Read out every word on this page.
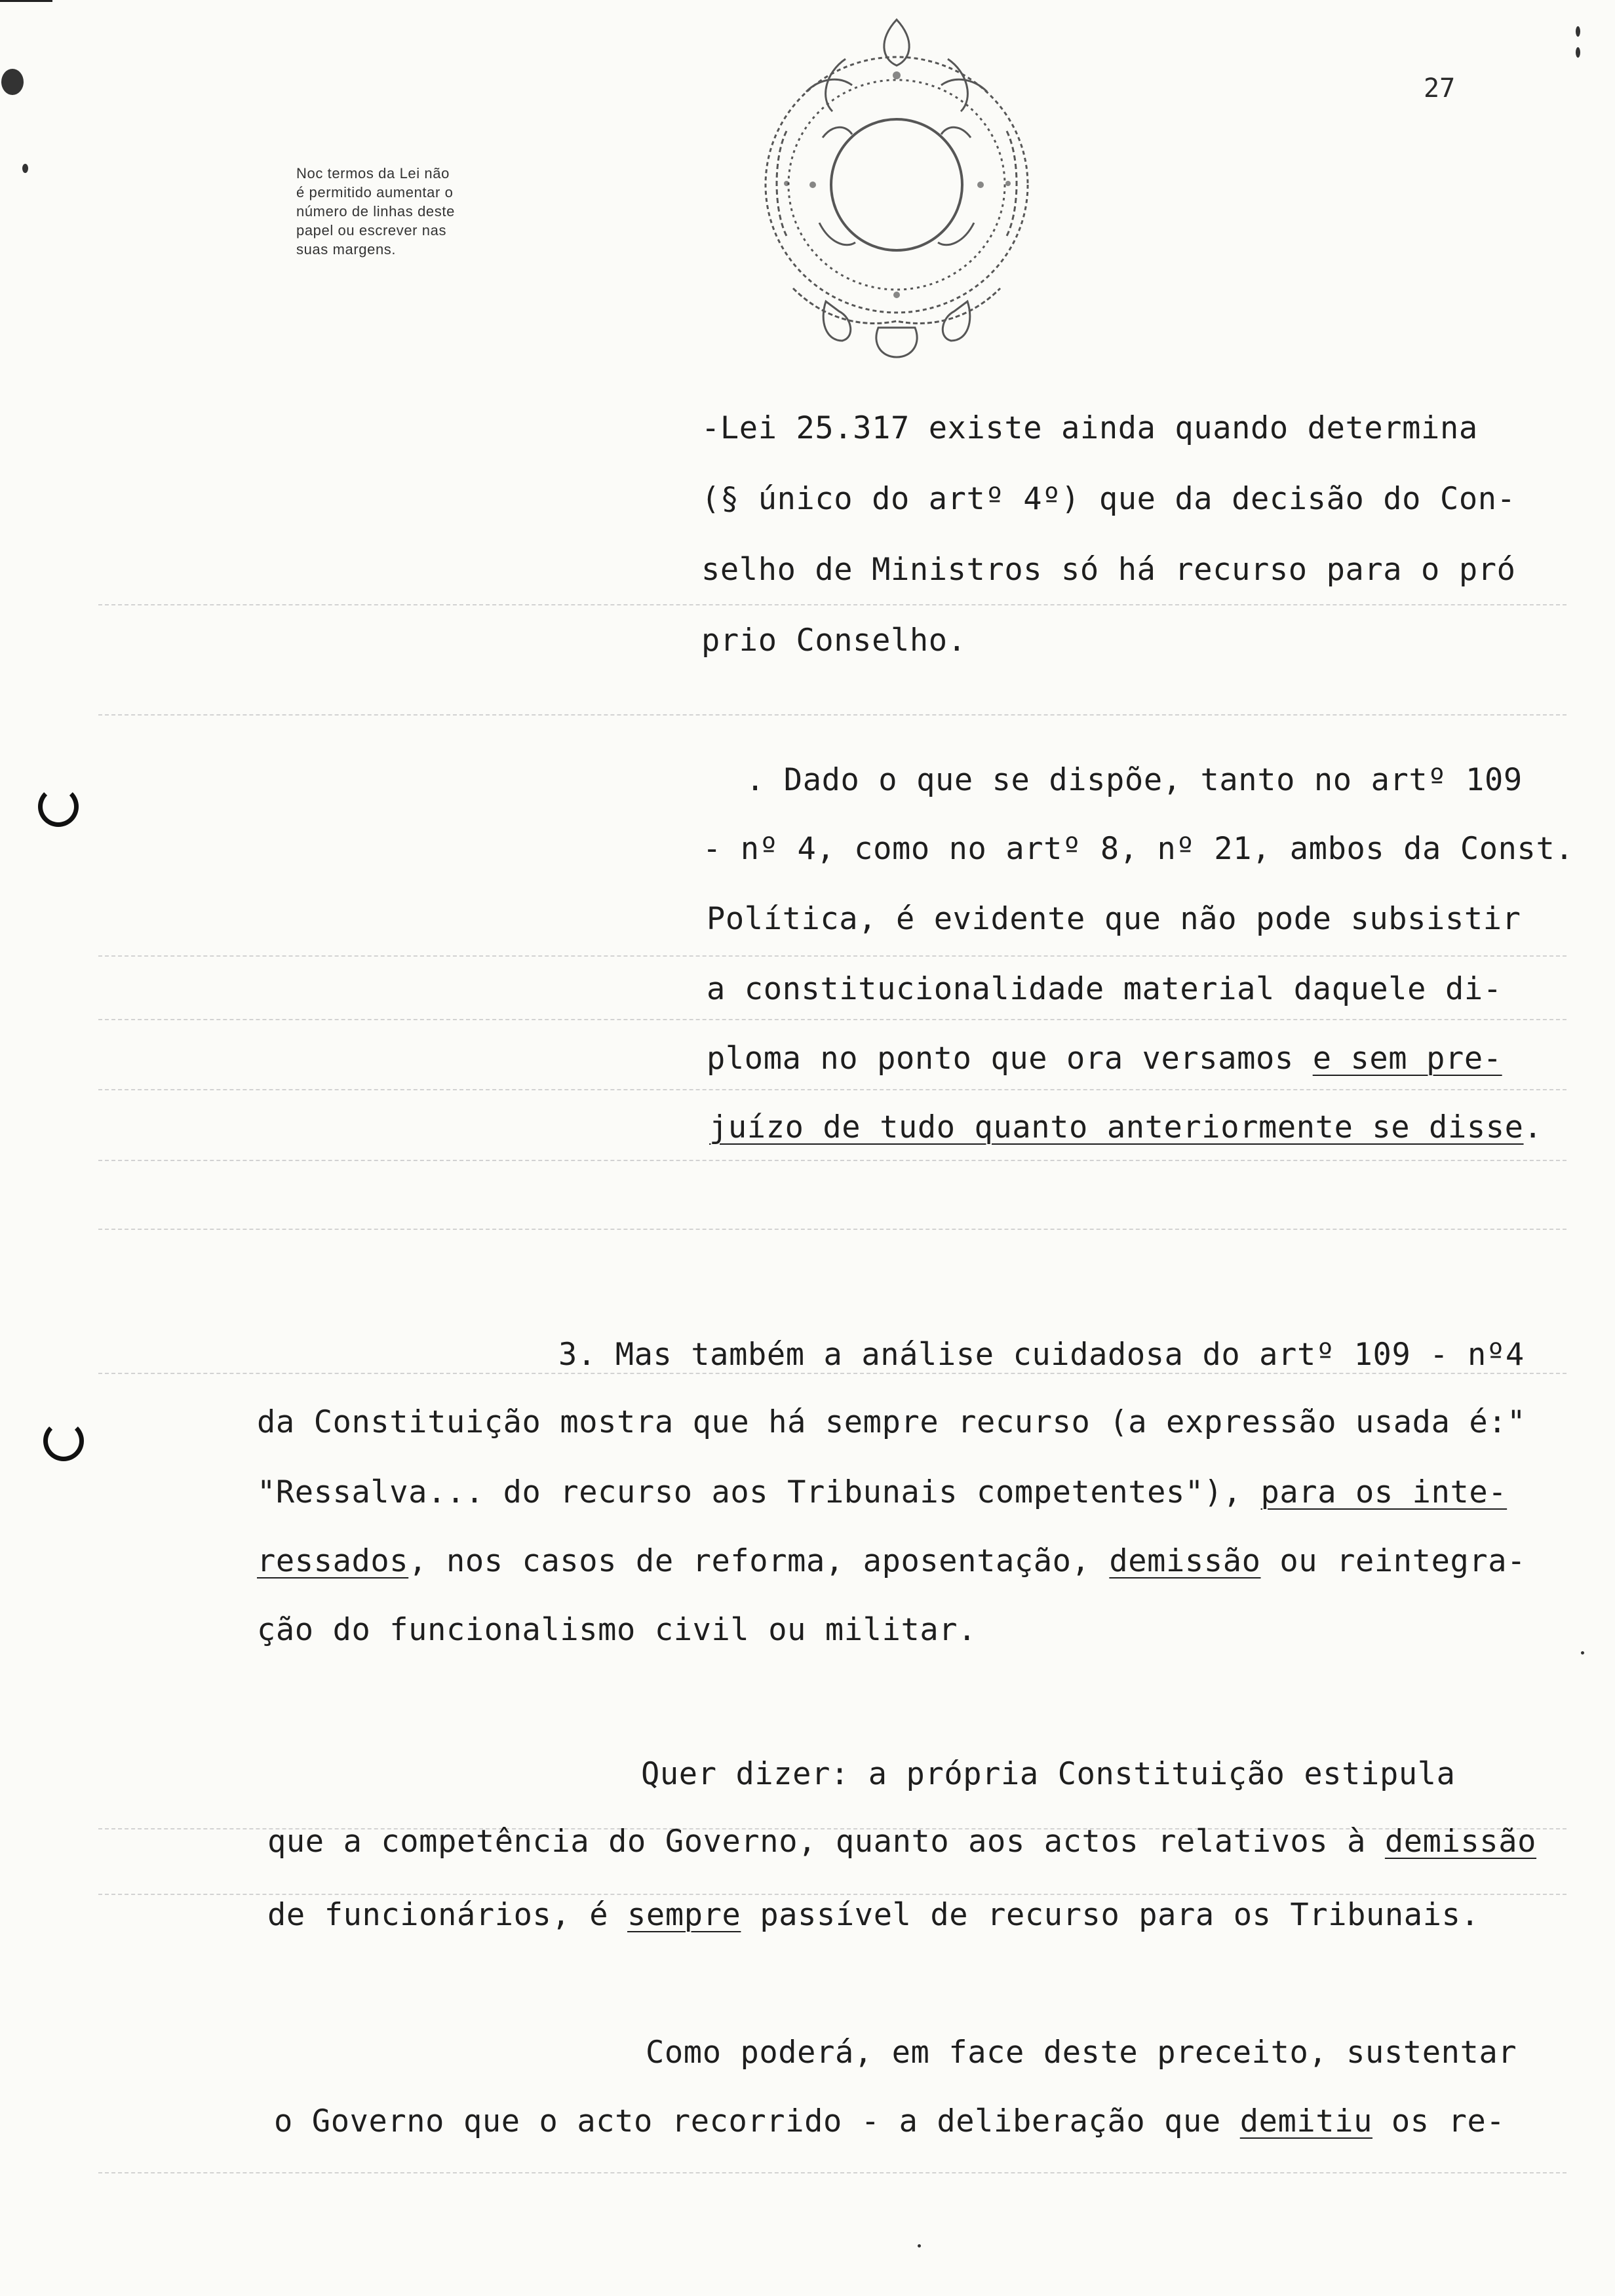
Noc termos da Lei não
é permitido aumentar o
número de linhas deste
papel ou escrever nas
suas margens.
27
-Lei 25.317 existe ainda quando determina
(§ único do artº 4º) que da decisão do Con-
selho de Ministros só há recurso para o pró
prio Conselho.
. Dado o que se dispõe, tanto no artº 109
- nº 4, como no artº 8, nº 21, ambos da Const.
Política, é evidente que não pode subsistir
a constitucionalidade material daquele di-
ploma no ponto que ora versamos e sem pre-
juízo de tudo quanto anteriormente se disse.
3. Mas também a análise cuidadosa do artº 109 - nº4
da Constituição mostra que há sempre recurso (a expressão usada é:"
"Ressalva... do recurso aos Tribunais competentes"), para os inte-
ressados, nos casos de reforma, aposentação, demissão ou reintegra-
ção do funcionalismo civil ou militar.
Quer dizer: a própria Constituição estipula
que a competência do Governo, quanto aos actos relativos à demissão
de funcionários, é sempre passível de recurso para os Tribunais.
Como poderá, em face deste preceito, sustentar
o Governo que o acto recorrido - a deliberação que demitiu os re-
